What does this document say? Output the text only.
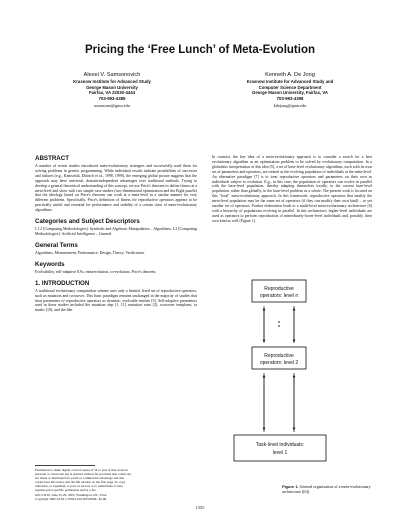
Pricing the ‘Free Lunch’ of Meta-Evolution
Alexei V. Samsonovich
Krasnow Institute for Advanced Study
George Mason University
Fairfax, VA 22030-4444
703-993-4385
asamsono@gmu.edu
Kenneth A. De Jong
Krasnow Institute for Advanced Study and
Computer Science Department
George Mason University, Fairfax, VA
703-993-4398
kdejong@gmu.edu
ABSTRACT
A number of recent studies introduced meta-evolutionary strategies and successfully used them for solving problems in genetic programming. While individual results indicate possibilities of successes and failures (e.g., Kantschik, Dittrich et al., 1998, 1999), the emerging global picture suggests that the approach may have universal, domain-independent advantages over traditional methods. Trying to develop a general theoretical understanding of this concept, we use Price's theorem to define fitness at a meta-level and show with two simple case studies (two-dimensional optimization and the Eight puzzle) that the ideology based on Price's theorem can work at a meta-level in a similar manner for very different problems. Specifically, Price's definition of fitness for reproductive operators appears to be practically useful and essential for performance and stability of a certain class of meta-evolutionary algorithms.
Categories and Subject Descriptors
I.1.2 [Computing Methodologies]: Symbolic and Algebraic Manipulation – Algorithms. I.2 [Computing Methodologies]: Artificial Intelligence – General.
General Terms
Algorithms, Measurement, Performance, Design, Theory, Verification.
Keywords
Evolvability, self-adaptive EAs, metaevolution, co-evolution, Price's theorem.
1. INTRODUCTION
A traditional evolutionary computation scheme uses only a limited, fixed set of reproductive operators, such as mutation and crossover. This basic paradigm remains unchanged in the majority of studies that treat parameters of reproductive operators as dynamic, evolvable entities [3]. Self-adaptive parameters used in these studies included the mutation step [1, 11], mutation rates [2], crossover templates, or masks [10], and the like.
Permission to make digital or hard copies of all or part of this work for
personal or classroom use is granted without fee provided that copies are
not made or distributed for profit or commercial advantage and that
copies bear this notice and the full citation on the first page. To copy
otherwise, or republish, to post on servers or to redistribute to lists,
requires prior specific permission and/or a fee.
GECCO'05, June 25-29, 2005, Washington, DC, USA.
Copyright 2005 ACM 1-59593-010-8/05/0006...$5.00.
In contrast, the key idea of a meta-evolutionary approach is to consider a search for a best evolutionary algorithm as an optimization problem to be solved by evolutionary computation. In a globalistic interpretation of this idea [5], a set of base-level evolutionary algorithms, each with its own set of parameters and operators, are treated as the evolving population of individuals at the meta-level. An alternative paradigm [7] is to treat reproductive operators and parameters on their own as individuals subject to evolution. E.g., in this case, the population of operators can evolve in parallel with the base-level population, thereby adapting themselves locally, to the current base-level population, rather than globally, to the base-level problem as a whole. The present work is focused on this "local" meta-evolutionary approach. In this framework, reproductive operators that modify the meta-level population may be the same set of operators (if they can modify their own kind) – or yet another set of operators. Further elaboration leads to a multi-level meta-evolutionary architecture [6] with a hierarchy of populations evolving in parallel. In this architecture, higher-level individuals are used as operators to perform reproduction of immediately-lower-level individuals and, possibly, their own kind as well (Figure 1).
Reproductive
operators: level n
Reproductive
operators: level 2
Task-level individuals:
level 1
Figure 1. General organization of a meta-evolutionary architecture ([6]).
1355
